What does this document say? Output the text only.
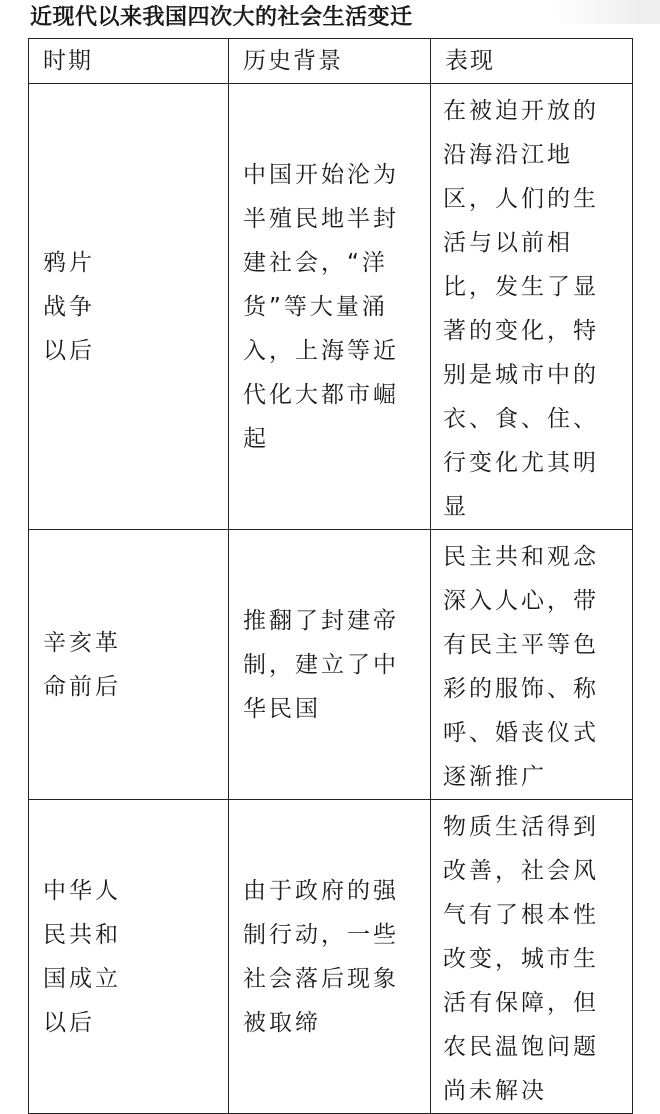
近现代以来我国四次大的社会生活变迁
时期	历史背景	表现

鸦片
战争
以后	中国开始沦为半殖民地半封建社会，“洋货”等大量涌入，上海等近代化大都市崛起	在被迫开放的沿海沿江地区，人们的生活与以前相比，发生了显著的变化，特别是城市中的衣、食、住、行变化尤其明显

辛亥革
命前后	推翻了封建帝制，建立了中华民国	民主共和观念深入人心，带有民主平等色彩的服饰、称呼、婚丧仪式逐渐推广

中华人
民共和
国成立
以后	由于政府的强制行动，一些社会落后现象被取缔	物质生活得到改善，社会风气有了根本性改变，城市生活有保障，但农民温饱问题尚未解决
